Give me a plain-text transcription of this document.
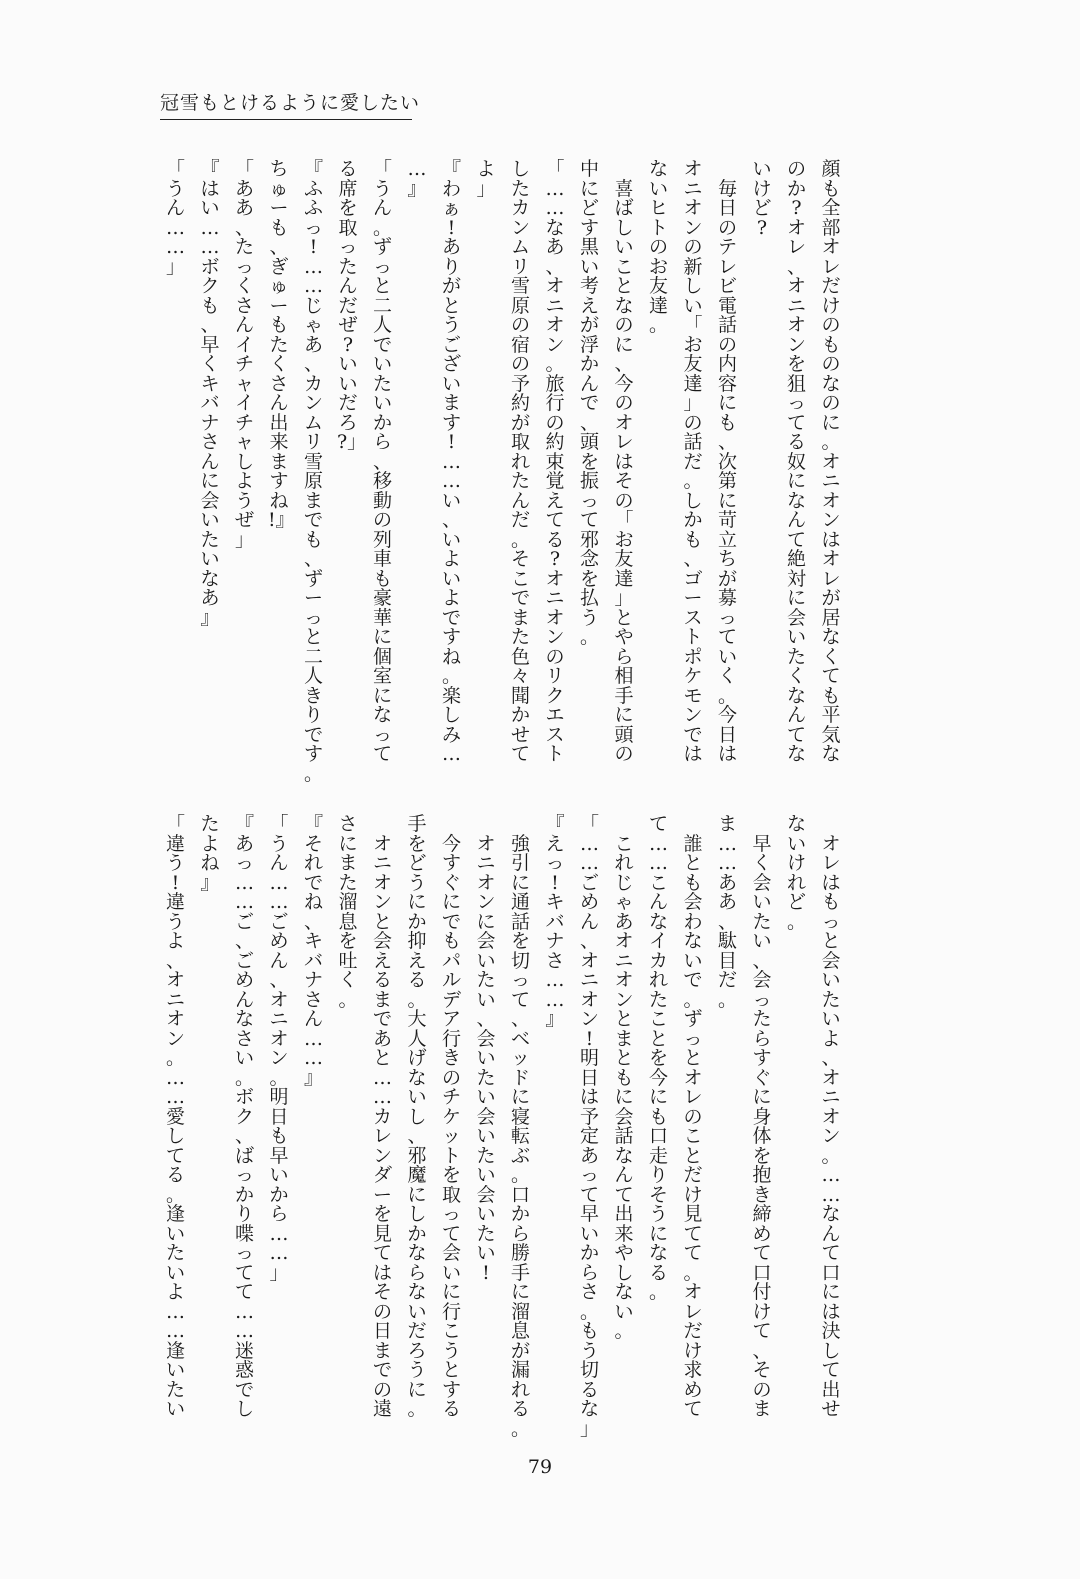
冠雪もとけるように愛したい
顔も全部オレだけのものなのに。オニオンはオレが居なくても平気な
のか?オレ、オニオンを狙ってる奴になんて絶対に会いたくなんてな
いけど?
　毎日のテレビ電話の内容にも、次第に苛立ちが募っていく。今日は
オニオンの新しい「お友達」の話だ。しかも、ゴーストポケモンでは
ないヒトのお友達。
　喜ばしいことなのに、今のオレはその「お友達」とやら相手に頭の
中にどす黒い考えが浮かんで、頭を振って邪念を払う。
「……なあ、オニオン。旅行の約束覚えてる?オニオンのリクエスト
したカンムリ雪原の宿の予約が取れたんだ。そこでまた色々聞かせて
よ」
『わぁ!ありがとうございます!……い、いよいよですね。楽しみ…
…』
「うん。ずっと二人でいたいから、移動の列車も豪華に個室になって
る席を取ったんだぜ?いいだろ?」
『ふふっ!……じゃあ、カンムリ雪原までも、ずーっと二人きりです。
ちゅーも、ぎゅーもたくさん出来ますね!』
「ああ、たっくさんイチャイチャしようぜ」
『はい……ボクも、早くキバナさんに会いたいなあ』
「うん……」
　オレはもっと会いたいよ、オニオン。……なんて口には決して出せ
ないけれど。
　早く会いたい、会ったらすぐに身体を抱き締めて口付けて、そのま
ま……ああ、駄目だ。
　誰とも会わないで。ずっとオレのことだけ見てて。オレだけ求めて
て……こんなイカれたことを今にも口走りそうになる。
　これじゃあオニオンとまともに会話なんて出来やしない。
「……ごめん、オニオン!明日は予定あって早いからさ。もう切るな」
『えっ!キバナさ……』
　強引に通話を切って、ベッドに寝転ぶ。口から勝手に溜息が漏れる。
　オニオンに会いたい、会いたい会いたい会いたい!
　今すぐにでもパルデア行きのチケットを取って会いに行こうとする
手をどうにか抑える。大人げないし、邪魔にしかならないだろうに。
　オニオンと会えるまであと……カレンダーを見てはその日までの遠
さにまた溜息を吐く。
『それでね、キバナさん……』
「うん……ごめん、オニオン。明日も早いから……」
『あっ……ご、ごめんなさい。ボク、ばっかり喋ってて……迷惑でし
たよね』
「違う!違うよ、オニオン。……愛してる。逢いたいよ……逢いたい
79
